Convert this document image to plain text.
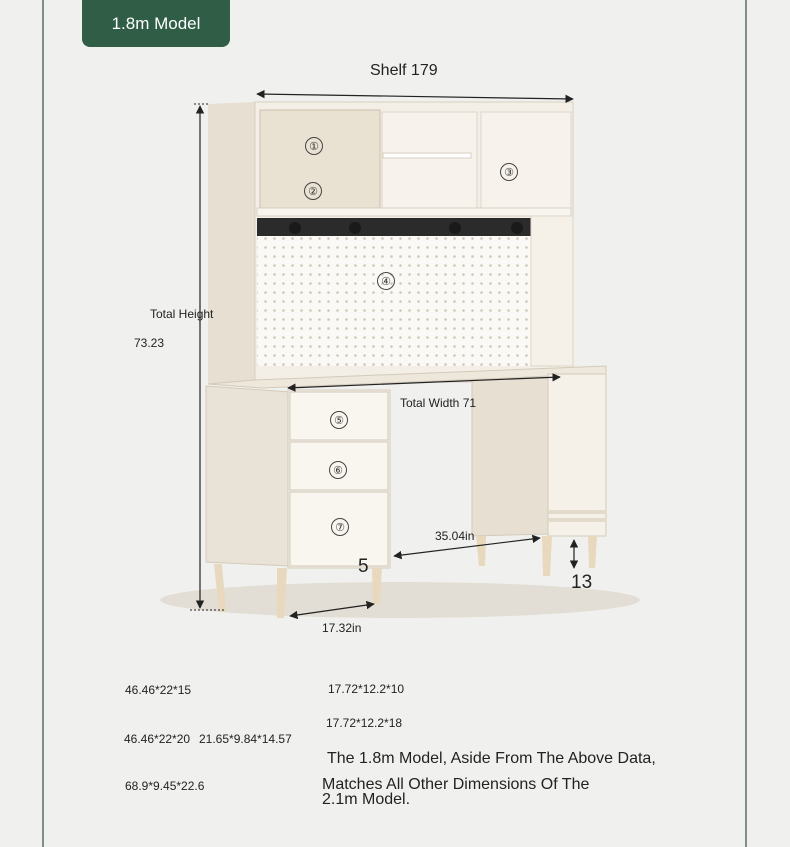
1.8m Model
Shelf 179
Total Height
73.23
Total Width 71
35.04in
17.32in
5
13
①
②
③
④
⑤
⑥
⑦
46.46*22*15	17.72*12.2*10
17.72*12.2*18
46.46*22*20 21.65*9.84*14.57
68.9*9.45*22.6
The 1.8m Model, Aside From The Above Data,
Matches All Other Dimensions Of The
2.1m Model.
